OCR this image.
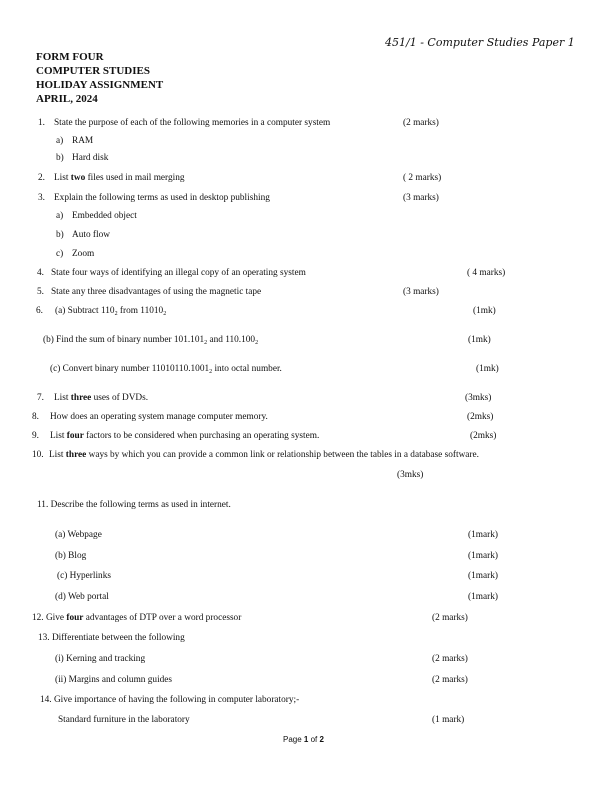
451/1 - Computer Studies Paper 1
FORM FOUR
COMPUTER STUDIES
HOLIDAY ASSIGNMENT
APRIL, 2024
1. State the purpose of each of the following memories in a computer system	(2 marks)
a) RAM
b) Hard disk
2. List two files used in mail merging	( 2 marks)
3. Explain the following terms as used in desktop publishing	(3 marks)
a) Embedded object
b) Auto flow
c) Zoom
4. State four ways of identifying an illegal copy of an operating system	( 4 marks)
5. State any three disadvantages of using the magnetic tape	(3 marks)
6. (a) Subtract $110_2$ from $11010_2$	(1mk)
(b) Find the sum of binary number $101.101_2$ and $110.100_2$	(1mk)
(c) Convert binary number $11010110.1001_2$ into octal number.	(1mk)
7. List three uses of DVDs.	(3mks)
8. How does an operating system manage computer memory.	(2mks)
9. List four factors to be considered when purchasing an operating system.	(2mks)
10. List three ways by which you can provide a common link or relationship between the tables in a database software.
(3mks)
11. Describe the following terms as used in internet.
(a) Webpage	(1mark)
(b) Blog	(1mark)
(c) Hyperlinks	(1mark)
(d) Web portal	(1mark)
12. Give four advantages of DTP over a word processor	(2 marks)
13. Differentiate between the following
(i) Kerning and tracking	(2 marks)
(ii) Margins and column guides	(2 marks)
14. Give importance of having the following in computer laboratory;-
Standard furniture in the laboratory	(1 mark)
Page 1 of 2
